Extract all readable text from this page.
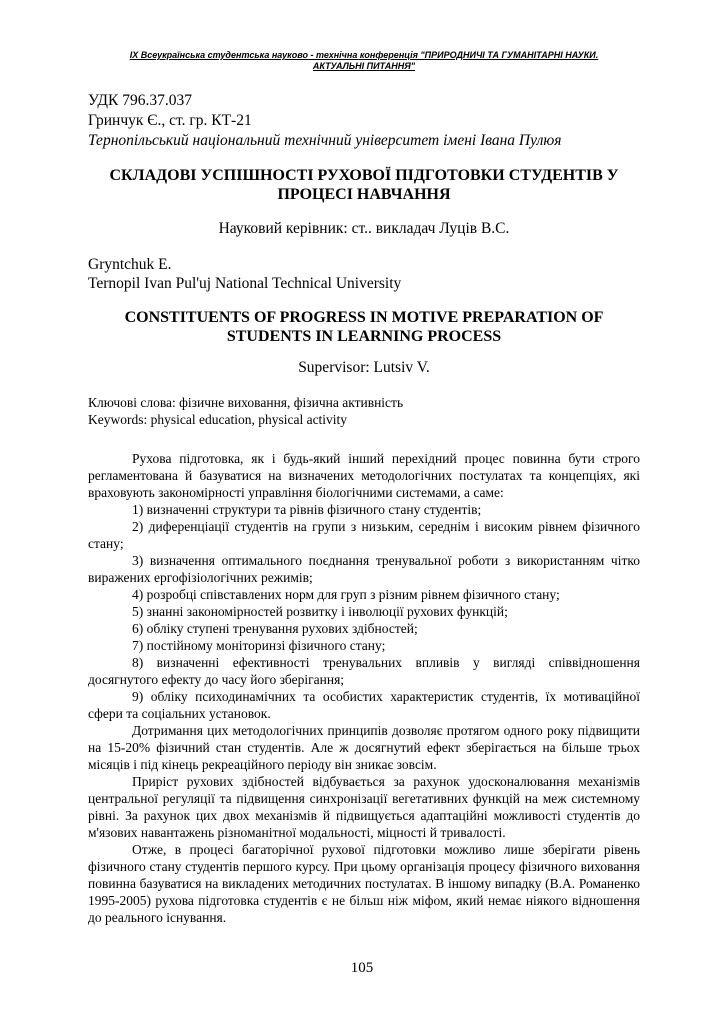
IX Всеукраїнська студентська науково - технічна конференція "ПРИРОДНИЧІ ТА ГУМАНІТАРНІ НАУКИ.
АКТУАЛЬНІ ПИТАННЯ"
УДК 796.37.037
Гринчук Є., ст. гр. КТ-21
Тернопільський національний технічний університет імені Івана Пулюя
СКЛАДОВІ УСПІШНОСТІ РУХОВОЇ ПІДГОТОВКИ СТУДЕНТІВ У
ПРОЦЕСІ НАВЧАННЯ
Науковий керівник: ст.. викладач Луців В.С.
Gryntchuk E.
Ternopil Ivan Pul'uj National Technical University
CONSTITUENTS OF PROGRESS IN MOTIVE PREPARATION OF
STUDENTS IN LEARNING PROCESS
Supervisor: Lutsiv V.
Ключові слова: фізичне виховання, фізична активність
Keywords: physical education, physical activity

Рухова підготовка, як і будь-який інший перехідний процес повинна бути строго регламентована й базуватися на визначених методологічних постулатах та концепціях, які враховують закономірності управління біологічними системами, а саме:

1) визначенні структури та рівнів фізичного стану студентів;

2) диференціації студентів на групи з низьким, середнім і високим рівнем фізичного стану;

3) визначення оптимального поєднання тренувальної роботи з використанням чітко виражених ергофізіологічних режимів;

4) розробці співставлених норм для груп з різним рівнем фізичного стану;

5) знанні закономірностей розвитку і інволюції рухових функцій;

6) обліку ступені тренування рухових здібностей;

7) постійному моніторинзі фізичного стану;

8) визначенні ефективності тренувальних впливів у вигляді співвідношення досягнутого ефекту до часу його зберігання;

9) обліку психодинамічних та особистих характеристик студентів, їх мотиваційної сфери та соціальних установок.

Дотримання цих методологічних принципів дозволяє протягом одного року підвищити на 15-20% фізичний стан студентів. Але ж досягнутий ефект зберігається на більше трьох місяців і під кінець рекреаційного періоду він зникає зовсім.

Приріст рухових здібностей відбувається за рахунок удосконалювання механізмів центральної регуляції та підвищення синхронізації вегетативних функцій на меж системному рівні. За рахунок цих двох механізмів й підвищується адаптаційні можливості студентів до м'язових навантажень різноманітної модальності, міцності й тривалості.

Отже, в процесі багаторічної рухової підготовки можливо лише зберігати рівень фізичного стану студентів першого курсу. При цьому організація процесу фізичного виховання повинна базуватися на викладених методичних постулатах. В іншому випадку (В.А. Романенко 1995-2005) рухова підготовка студентів є не більш ніж міфом, який немає ніякого відношення до реального існування.

105
